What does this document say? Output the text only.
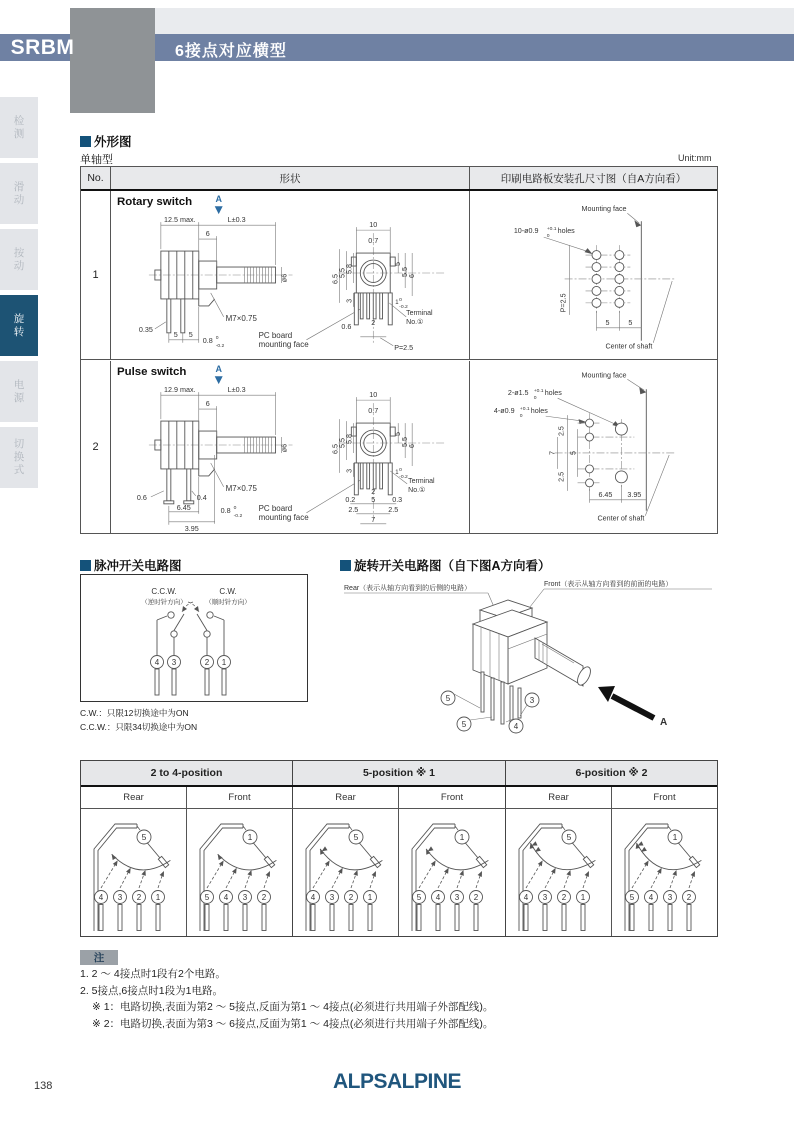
6接点对应横型
SRBM
检
测
滑
动
按
动
旋
转
电
源
切
换
式
外形图
单轴型	Unit:mm
No.	形状	印刷电路板安装孔尺寸图（自A方向看）
1
Rotary switch	A
M7×0.75
12.5 max.	L±0.3
6
ø6
0.35
5 5
0.8 0
-0.2
PC board
mounting face
10
0.7
5.8
5.5
6.5
3
5
5.5
6
1 0
-0.2
0.6	2
P=2.5
Terminal
No.①
Mounting face
10-ø0.9 +0.1
0
holes
P=2.5
5	5
Center of shaft
2
Pulse switch	A
M7×0.75
12.9 max.	L±0.3
6
ø6
0.6	0.4
6.45
3.95
0.8 0
-0.2
PC board
mounting face
10
0.7
5.8
5.5
6.5
3
5
5.5
6
1 0
-0.2
2
0.2 5 0.3
2.5	2.5
7
Terminal
No.①
Mounting face
2-ø1.5 +0.1
0
holes
4-ø0.9 +0.1
0
holes
2.5
7 5
2.5
6.45 3.95
Center of shaft
脉冲开关电路图
C.C.W.
（逆时针方向）
C.W.
（顺时针方向）
4 3	2 1
C.W.：只限12切换途中为ON
C.C.W.：只限34切换途中为ON
旋转开关电路图（自下图A方向看）
Rear（表示从轴方向看到的后侧的电路）
Front（表示从轴方向看到的前面的电路）
5
5	4
3
A
2 to 4-position	5-position ※ 1	6-position ※ 2
Rear	Front	Rear	Front	Rear	Front
5
4 3 2 1
1
5 4 3 2
5
4 3 2 1
1
5 4 3 2
5
4 3 2 1
1
5 4 3 2
注
1. 2 ～ 4接点时1段有2个电路。
2. 5接点,6接点时1段为1电路。
※ 1：电路切换,表面为第2 ～ 5接点,反面为第1 ～ 4接点(必须进行共用端子外部配线)。
※ 2：电路切换,表面为第3 ～ 6接点,反面为第1 ～ 4接点(必须进行共用端子外部配线)。
138	ALPSALPINE
